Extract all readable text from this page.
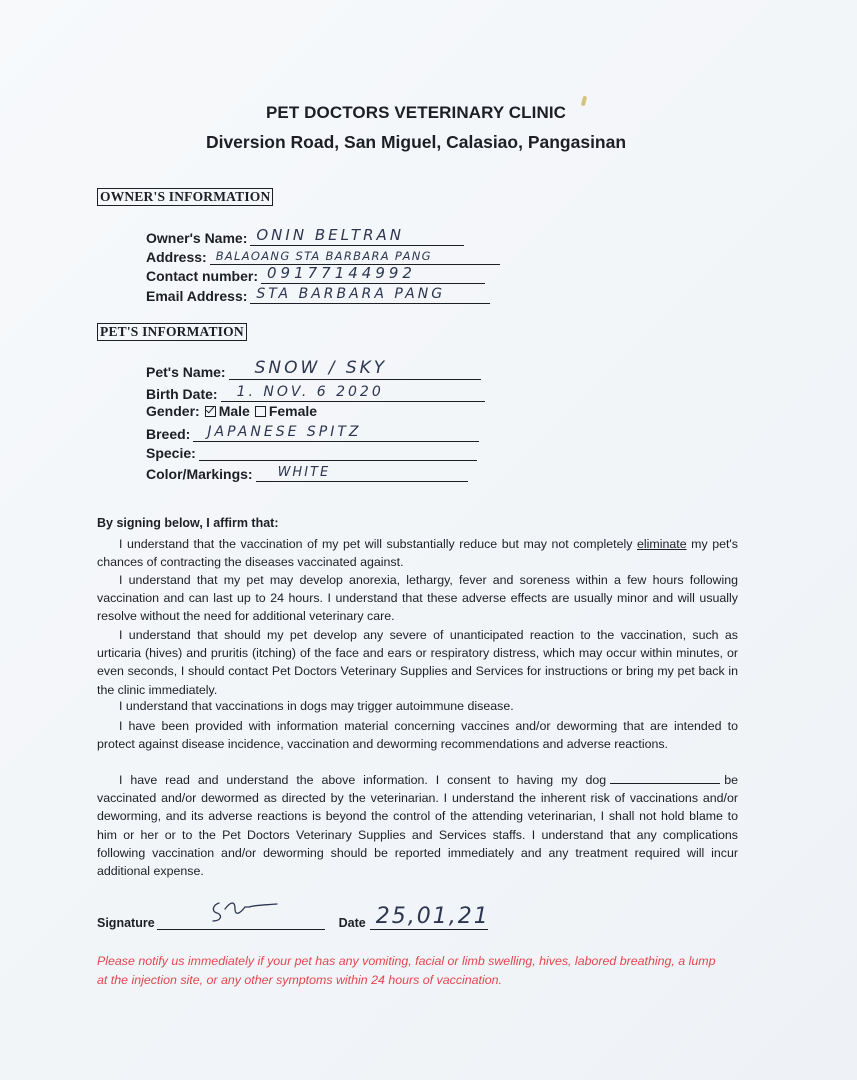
PET DOCTORS VETERINARY CLINIC
Diversion Road, San Miguel, Calasiao, Pangasinan
OWNER'S INFORMATION
Owner's Name: ONIN BELTRAN
Address: BALAOANG STA BARBARA PANG
Contact number: 09177144992
Email Address: STA BARBARA PANG
PET'S INFORMATION
Pet's Name: SNOW / SKY
Birth Date: 1. NOV. 6 2020
Gender: Male Female
Breed: JAPANESE SPITZ
Specie:
Color/Markings: WHITE
By signing below, I affirm that:

I understand that the vaccination of my pet will substantially reduce but may not completely eliminate my pet's chances of contracting the diseases vaccinated against.

I understand that my pet may develop anorexia, lethargy, fever and soreness within a few hours following vaccination and can last up to 24 hours. I understand that these adverse effects are usually minor and will usually resolve without the need for additional veterinary care.

I understand that should my pet develop any severe of unanticipated reaction to the vaccination, such as urticaria (hives) and pruritis (itching) of the face and ears or respiratory distress, which may occur within minutes, or even seconds, I should contact Pet Doctors Veterinary Supplies and Services for instructions or bring my pet back in the clinic immediately.

I understand that vaccinations in dogs may trigger autoimmune disease.

I have been provided with information material concerning vaccines and/or deworming that are intended to protect against disease incidence, vaccination and deworming recommendations and adverse reactions.

I have read and understand the above information. I consent to having my dog	be vaccinated and/or dewormed as directed by the veterinarian. I understand the inherent risk of vaccinations and/or deworming, and its adverse reactions is beyond the control of the attending veterinarian, I shall not hold blame to him or her or to the Pet Doctors Veterinary Supplies and Services staffs. I understand that any complications following vaccination and/or deworming should be reported immediately and any treatment required will incur additional expense.

Signature	Date 25,01,21
Please notify us immediately if your pet has any vomiting, facial or limb swelling, hives, labored breathing, a lump at the injection site, or any other symptoms within 24 hours of vaccination.
